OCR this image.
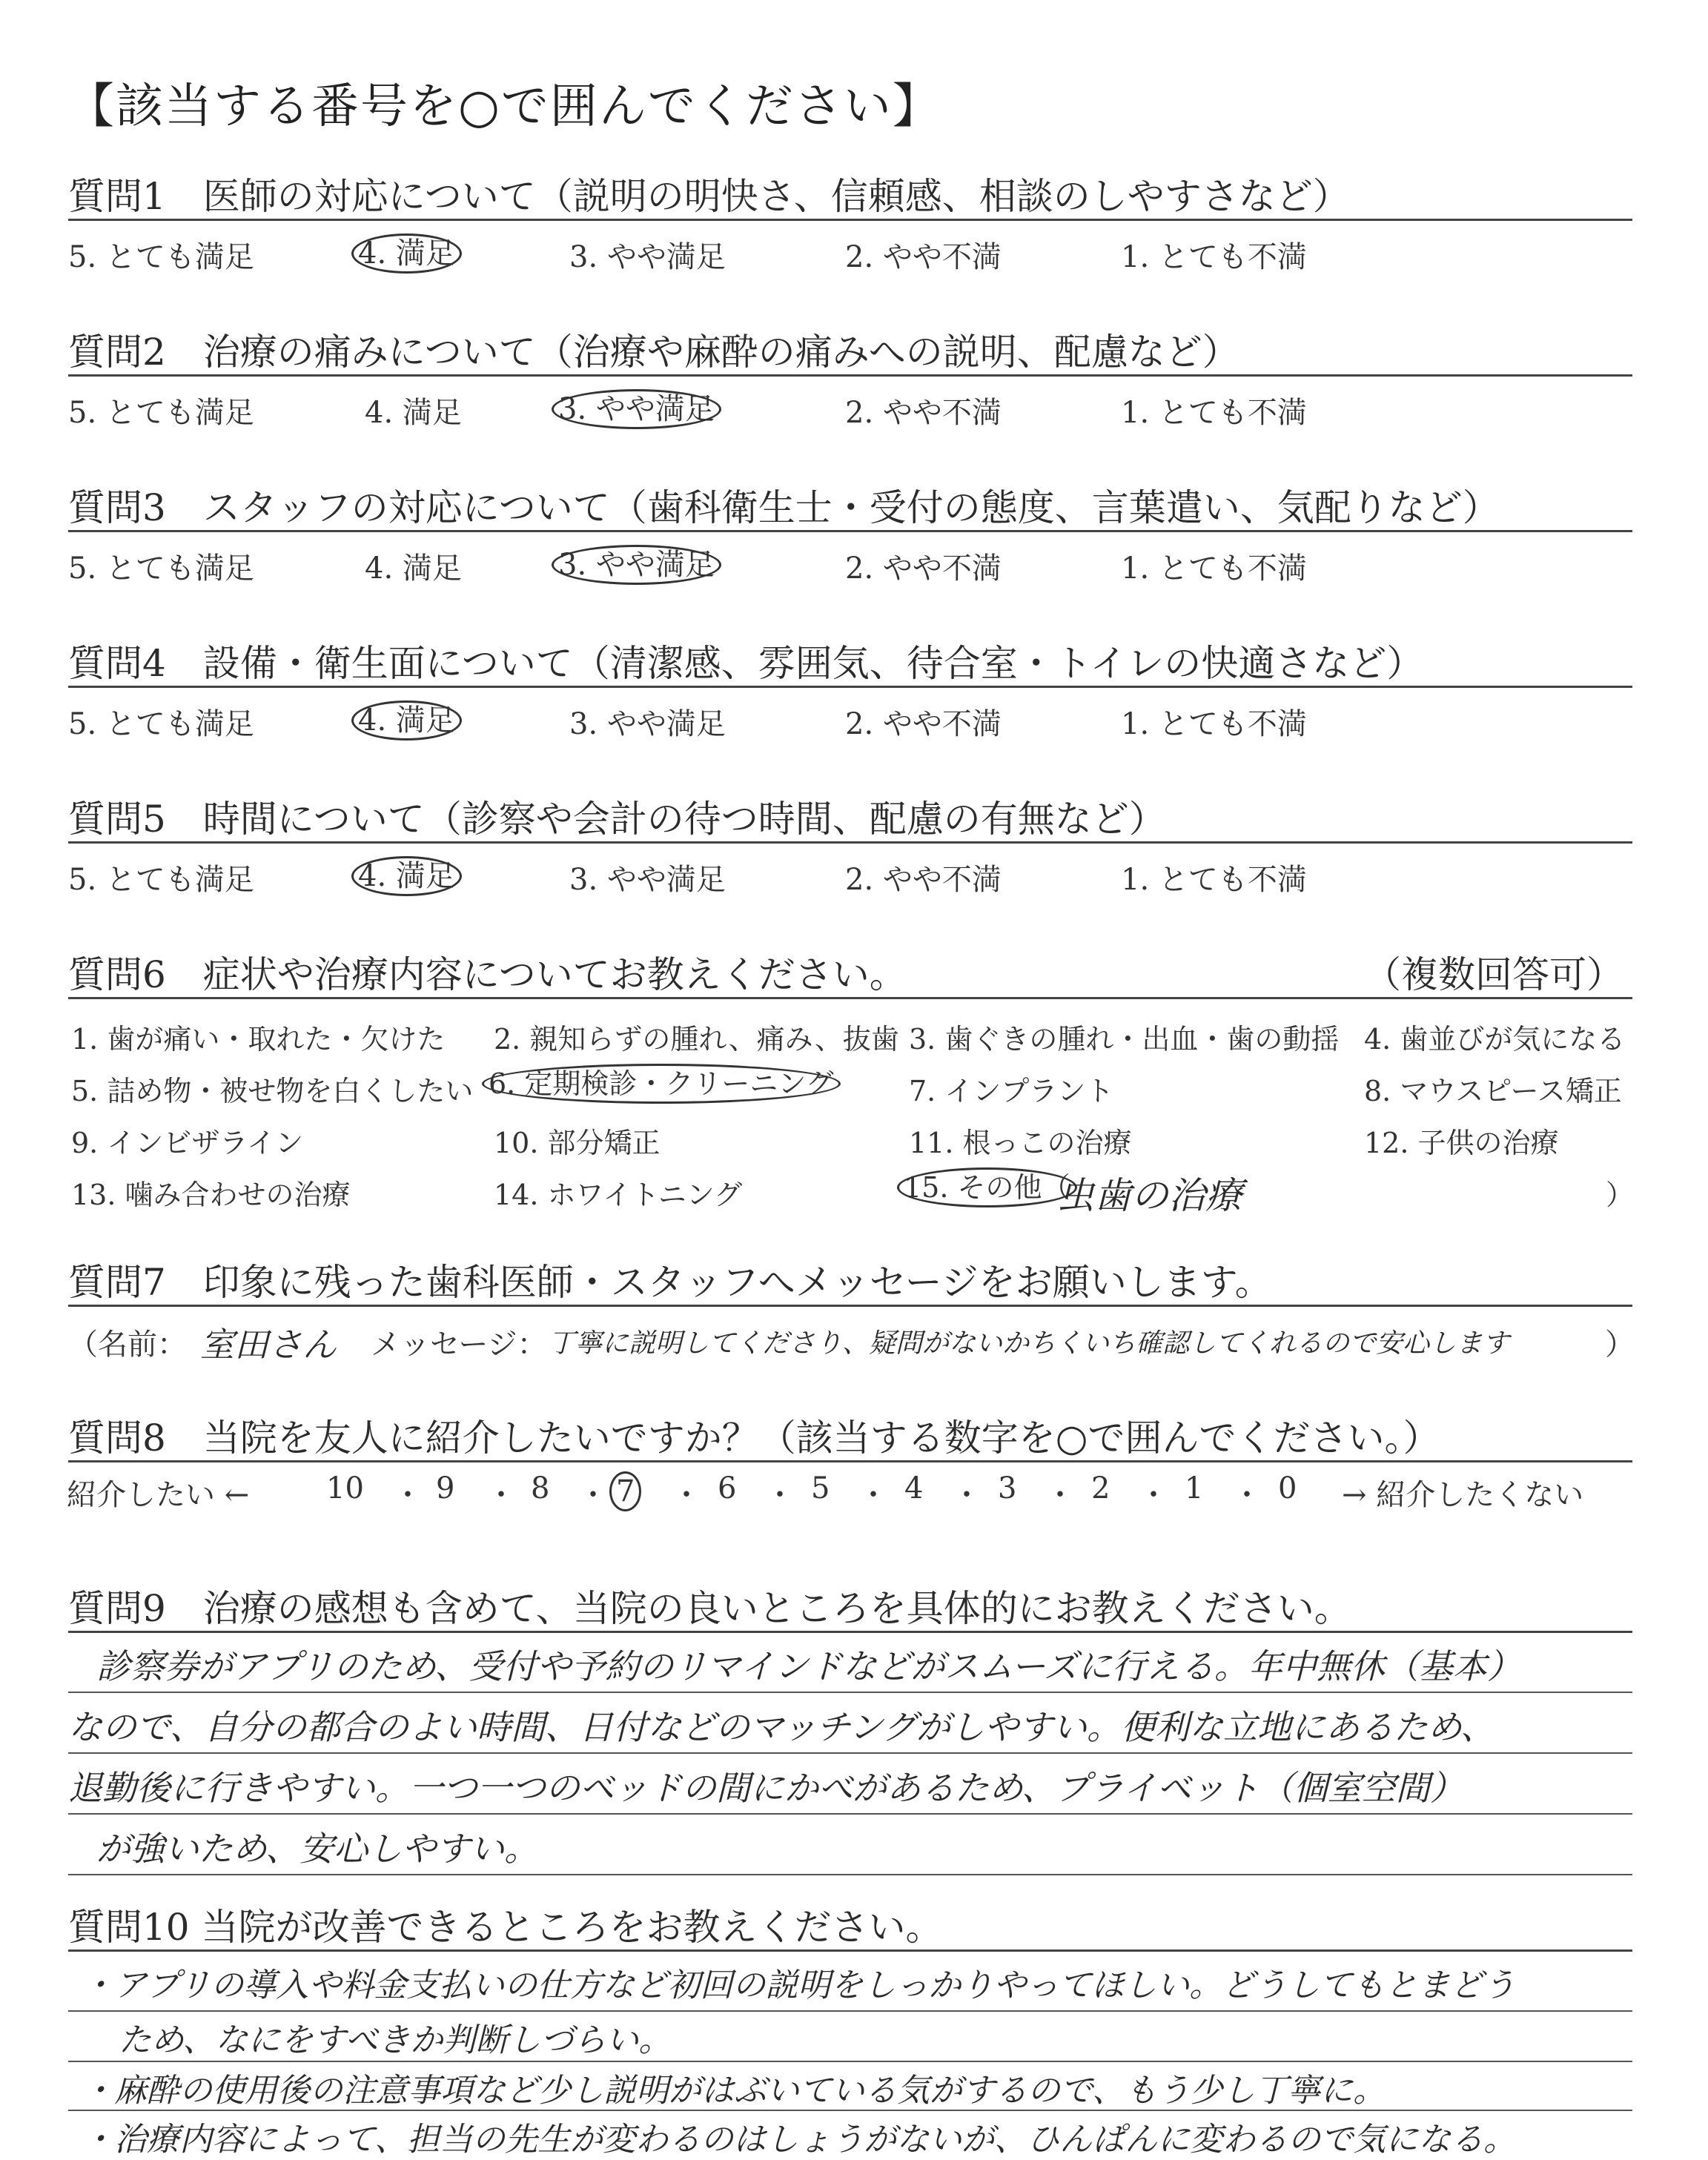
【該当する番号を○で囲んでください】
質問1　医師の対応について（説明の明快さ、信頼感、相談のしやすさなど）
5. とても満足	4. 満足	3. やや満足	2. やや不満	1. とても不満
質問2　治療の痛みについて（治療や麻酔の痛みへの説明、配慮など）
5. とても満足	4. 満足	3. やや満足	2. やや不満	1. とても不満
質問3　スタッフの対応について（歯科衛生士・受付の態度、言葉遣い、気配りなど）
5. とても満足	4. 満足	3. やや満足	2. やや不満	1. とても不満
質問4　設備・衛生面について（清潔感、雰囲気、待合室・トイレの快適さなど）
5. とても満足	4. 満足	3. やや満足	2. やや不満	1. とても不満
質問5　時間について（診察や会計の待つ時間、配慮の有無など）
5. とても満足	4. 満足	3. やや満足	2. やや不満	1. とても不満
質問6　症状や治療内容についてお教えください。	（複数回答可）
1. 歯が痛い・取れた・欠けた 2. 親知らずの腫れ、痛み、抜歯 3. 歯ぐきの腫れ・出血・歯の動揺 4. 歯並びが気になる
5. 詰め物・被せ物を白くしたい 6. 定期検診・クリーニング	7. インプラント	8. マウスピース矯正
9. インビザライン	10. 部分矯正	11. 根っこの治療	12. 子供の治療
13. 噛み合わせの治療	14. ホワイトニング	15. その他（
虫歯の治療	）
質問7　印象に残った歯科医師・スタッフへメッセージをお願いします。
（名前： 室田さん メッセージ： 丁寧に説明してくださり、疑問がないかちくいち確認してくれるので安心します	）
質問8　当院を友人に紹介したいですか？（該当する数字を○で囲んでください。）
紹介したい ←	10 ・ 9 ・ 8 ・ 7 ・ 6 ・ 5 ・ 4 ・ 3 ・ 2 ・ 1 ・ 0 → 紹介したくない
質問9　治療の感想も含めて、当院の良いところを具体的にお教えください。
診察券がアプリのため、受付や予約のリマインドなどがスムーズに行える。年中無休（基本）
なので、自分の都合のよい時間、日付などのマッチングがしやすい。便利な立地にあるため、
退勤後に行きやすい。一つ一つのベッドの間にかべがあるため、プライベット（個室空間）
が強いため、安心しやすい。
質問10 当院が改善できるところをお教えください。
・アプリの導入や料金支払いの仕方など初回の説明をしっかりやってほしい。どうしてもとまどう
ため、なにをすべきか判断しづらい。
・麻酔の使用後の注意事項など少し説明がはぶいている気がするので、もう少し丁寧に。
・治療内容によって、担当の先生が変わるのはしょうがないが、ひんぱんに変わるので気になる。
